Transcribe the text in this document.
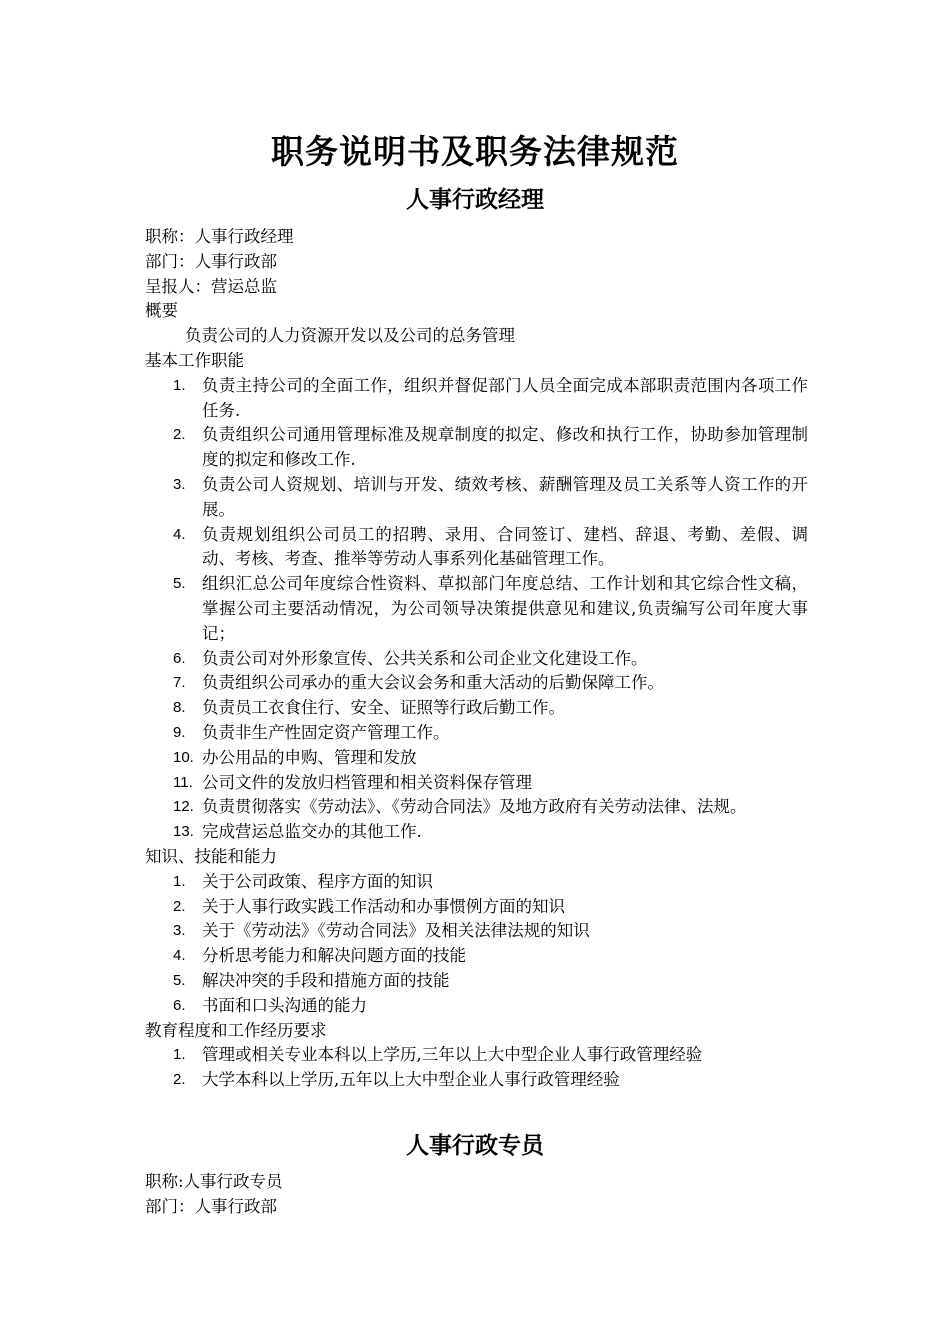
职务说明书及职务法律规范
人事行政经理
职称：人事行政经理
部门：人事行政部
呈报人：营运总监
概要
负责公司的人力资源开发以及公司的总务管理
基本工作职能
1. 负责主持公司的全面工作，组织并督促部门人员全面完成本部职责范围内各项工作任务.
2. 负责组织公司通用管理标准及规章制度的拟定、修改和执行工作，协助参加管理制度的拟定和修改工作.
3. 负责公司人资规划、培训与开发、绩效考核、薪酬管理及员工关系等人资工作的开展。
4. 负责规划组织公司员工的招聘、录用、合同签订、建档、辞退、考勤、差假、调动、考核、考查、推举等劳动人事系列化基础管理工作。
5. 组织汇总公司年度综合性资料、草拟部门年度总结、工作计划和其它综合性文稿，掌握公司主要活动情况，为公司领导决策提供意见和建议,负责编写公司年度大事记；
6. 负责公司对外形象宣传、公共关系和公司企业文化建设工作。
7. 负责组织公司承办的重大会议会务和重大活动的后勤保障工作。
8. 负责员工衣食住行、安全、证照等行政后勤工作。
9. 负责非生产性固定资产管理工作。
10. 办公用品的申购、管理和发放
11. 公司文件的发放归档管理和相关资料保存管理
12. 负责贯彻落实《劳动法》、《劳动合同法》及地方政府有关劳动法律、法规。
13. 完成营运总监交办的其他工作.
知识、技能和能力
1. 关于公司政策、程序方面的知识
2. 关于人事行政实践工作活动和办事惯例方面的知识
3. 关于《劳动法》《劳动合同法》及相关法律法规的知识
4. 分析思考能力和解决问题方面的技能
5. 解决冲突的手段和措施方面的技能
6. 书面和口头沟通的能力
教育程度和工作经历要求
1. 管理或相关专业本科以上学历,三年以上大中型企业人事行政管理经验
2. 大学本科以上学历,五年以上大中型企业人事行政管理经验
人事行政专员
职称:人事行政专员
部门：人事行政部
